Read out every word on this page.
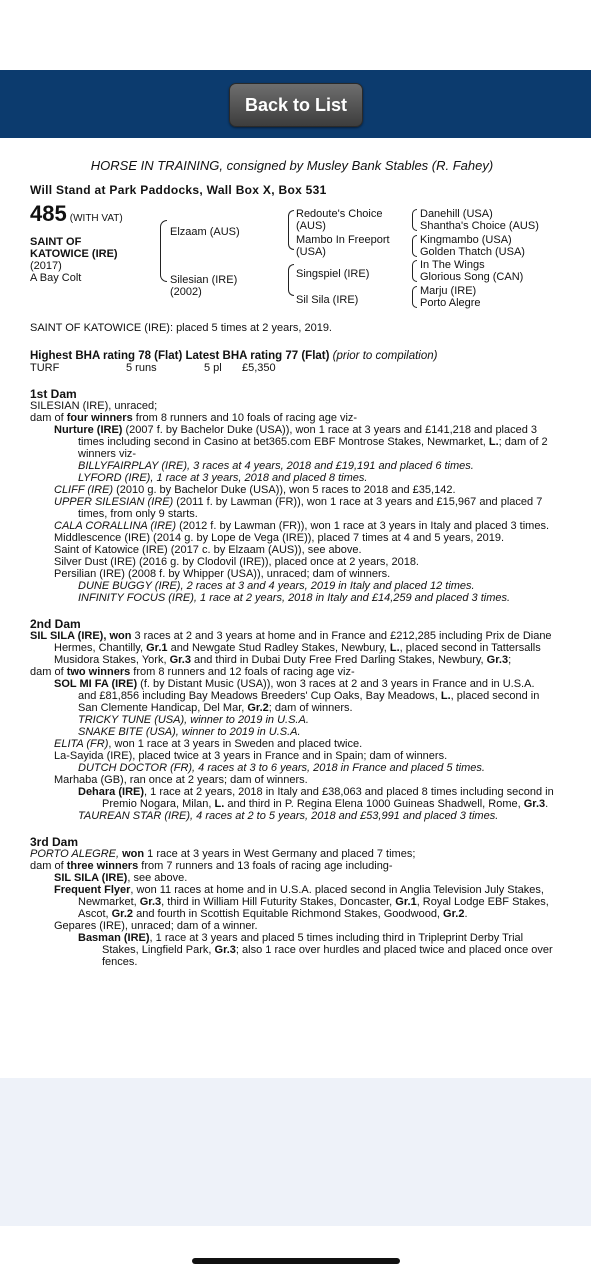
Back to List
HORSE IN TRAINING, consigned by Musley Bank Stables (R. Fahey)
Will Stand at Park Paddocks, Wall Box X, Box 531
485 (WITH VAT)
SAINT OF
KATOWICE (IRE)
(2017)
A Bay Colt
Elzaam (AUS)
Silesian (IRE)
(2002)
Redoute's Choice
(AUS)
Mambo In Freeport
(USA)
Singspiel (IRE)
Sil Sila (IRE)
Danehill (USA)
Shantha's Choice (AUS)
Kingmambo (USA)
Golden Thatch (USA)
In The Wings
Glorious Song (CAN)
Marju (IRE)
Porto Alegre

SAINT OF KATOWICE (IRE): placed 5 times at 2 years, 2019.

Highest BHA rating 78 (Flat) Latest BHA rating 77 (Flat) (prior to compilation)

TURF	5 runs	5 pl £5,350

1st Dam

SILESIAN (IRE), unraced;

dam of four winners from 8 runners and 10 foals of racing age viz-

Nurture (IRE) (2007 f. by Bachelor Duke (USA)), won 1 race at 3 years and £141,218 and placed 3 times including second in Casino at bet365.com EBF Montrose Stakes, Newmarket, L.; dam of 2 winners viz-

BILLYFAIRPLAY (IRE), 3 races at 4 years, 2018 and £19,191 and placed 6 times.

LYFORD (IRE), 1 race at 3 years, 2018 and placed 8 times.

CLIFF (IRE) (2010 g. by Bachelor Duke (USA)), won 5 races to 2018 and £35,142.

UPPER SILESIAN (IRE) (2011 f. by Lawman (FR)), won 1 race at 3 years and £15,967 and placed 7 times, from only 9 starts.

CALA CORALLINA (IRE) (2012 f. by Lawman (FR)), won 1 race at 3 years in Italy and placed 3 times.

Middlescence (IRE) (2014 g. by Lope de Vega (IRE)), placed 7 times at 4 and 5 years, 2019.

Saint of Katowice (IRE) (2017 c. by Elzaam (AUS)), see above.

Silver Dust (IRE) (2016 g. by Clodovil (IRE)), placed once at 2 years, 2018.

Persilian (IRE) (2008 f. by Whipper (USA)), unraced; dam of winners.

DUNE BUGGY (IRE), 2 races at 3 and 4 years, 2019 in Italy and placed 12 times.

INFINITY FOCUS (IRE), 1 race at 2 years, 2018 in Italy and £14,259 and placed 3 times.

2nd Dam

SIL SILA (IRE), won 3 races at 2 and 3 years at home and in France and £212,285 including Prix de Diane Hermes, Chantilly, Gr.1 and Newgate Stud Radley Stakes, Newbury, L., placed second in Tattersalls Musidora Stakes, York, Gr.3 and third in Dubai Duty Free Fred Darling Stakes, Newbury, Gr.3;

dam of two winners from 8 runners and 12 foals of racing age viz-

SOL MI FA (IRE) (f. by Distant Music (USA)), won 3 races at 2 and 3 years in France and in U.S.A. and £81,856 including Bay Meadows Breeders' Cup Oaks, Bay Meadows, L., placed second in San Clemente Handicap, Del Mar, Gr.2; dam of winners.

TRICKY TUNE (USA), winner to 2019 in U.S.A.

SNAKE BITE (USA), winner to 2019 in U.S.A.

ELITA (FR), won 1 race at 3 years in Sweden and placed twice.

La-Sayida (IRE), placed twice at 3 years in France and in Spain; dam of winners.

DUTCH DOCTOR (FR), 4 races at 3 to 6 years, 2018 in France and placed 5 times.

Marhaba (GB), ran once at 2 years; dam of winners.

Dehara (IRE), 1 race at 2 years, 2018 in Italy and £38,063 and placed 8 times including second in Premio Nogara, Milan, L. and third in P. Regina Elena 1000 Guineas Shadwell, Rome, Gr.3.

TAUREAN STAR (IRE), 4 races at 2 to 5 years, 2018 and £53,991 and placed 3 times.

3rd Dam

PORTO ALEGRE, won 1 race at 3 years in West Germany and placed 7 times;

dam of three winners from 7 runners and 13 foals of racing age including-

SIL SILA (IRE), see above.

Frequent Flyer, won 11 races at home and in U.S.A. placed second in Anglia Television July Stakes, Newmarket, Gr.3, third in William Hill Futurity Stakes, Doncaster, Gr.1, Royal Lodge EBF Stakes, Ascot, Gr.2 and fourth in Scottish Equitable Richmond Stakes, Goodwood, Gr.2.

Gepares (IRE), unraced; dam of a winner.

Basman (IRE), 1 race at 3 years and placed 5 times including third in Tripleprint Derby Trial Stakes, Lingfield Park, Gr.3; also 1 race over hurdles and placed twice and placed once over fences.
